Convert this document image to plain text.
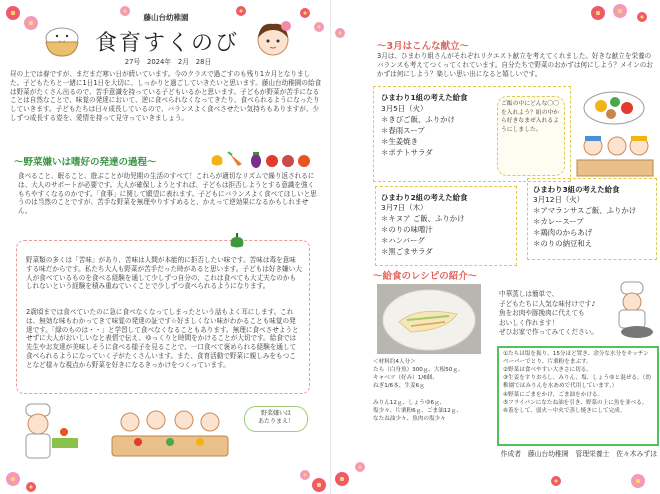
藤山台幼稚園
食育すくのび
27号　2024年　2月　28日
昼の上では春ですが、まだまだ寒い日が続いています。今のクラスで過ごすのも残り1カ月となりました。子どもたちと一緒に1日1日を大切に、しっかりと過ごしていきたいと思います。藤山台幼稚園の給食は野菜がたくさん出るので、苦手意識を持っている子どもいるかと思います。子どもが野菜が苦手になることは自然なことで、味覚の発達において、逆に食べられなくなってきたり、食べられるようになったりしていきます。子どもたちは日々成長しているので、バランスよく食べさせたい気持ちもありますが、少しずつ成長する姿を、愛情を持って見守っていきましょう。
～野菜嫌いは嗜好の発達の過程～
食べること、眠ること、遊ぶことが幼児期の生活のすべて！これらが適切なリズムで繰り返されるには、大人のサポートが必要です。大人が確保しようとすれば、子どもは拒否しようとする意識を強くもちやすくなるのかです。「食事」に関して願望に表れます。子どもにバランスよく食べてほしいと思うのは当然のことですが、苦手な野菜を無理やりすすめると、かえって逆効果になるかもしれません。
野菜類の多くは「苦味」があり、苦味は人間が本能的に拒否したい味です。苦味は毒を意味する味だからです。私たち大人も野菜が苦手だった時があると思います。子どもは好き嫌い大人が食べているものを食べる経験を通して少しずつ自分の、これは食べても大丈夫なのかもしれないという経験を積み重ねていくことで少しずつ食べられるようになります。
2歳頃までは食べていたのに急に食べなくなってしまったという話もよく耳にします。これは、無効な味もわかってきて味覚の発達の証です☆好ましくない味がわかることも味覚の発達です。「緑のものは・・」と学習して食べなくなることもあります。無理に食べさせようとせずに大人がおいしいなと表情で伝え、ゆっくりと時間をかけることが大切です。給食では先生やお友達が美味しそうに食べる様子を見ることで、一口食べて褒められる経験を通して食べられるようになっていく子がたくさんいます。また、食育活動で野菜に親しみをもつことなど様々な視点から野菜を好きになるきっかけをつくっています。
野菜嫌いは
あたりまえ！
～3月はこんな献立～
3月は、ひまわり組さんがそれぞれリクエスト献立を考えてくれました。好きな献立を栄養のバランスも考えてつくってくれています。自分たちで野菜のおかずは何にしよう？メインのおかずは何にしよう？楽しい思い出になると嬉しいです。
ひまわり1組の考えた給食
3月5日（火）
＊きびご飯、ふりかけ
＊春雨スープ
＊生姜焼き
＊ポテトサラダ
ご飯の中にどんな〇〇を入れよう？組の中から好きなまぜ入れるようにしました。
ひまわり2組の考えた給食
3月7日（木）
＊キヌア ご飯、ふりかけ
＊のりの味噌汁
＊ハンバーグ
＊黒ごまサラダ
ひまわり3組の考えた給食
3月12日（火）
＊アマランサスご飯、ふりかけ
＊カレースープ
＊鶏肉のからあげ
＊のりの納豆和え
～給食のレシピの紹介～
中華蒸しは簡単で、
子どもたちに人気な味付けです♪
魚をお肉や豚挽肉に代えても
おいしく作れます！
ぜひお家で作ってみてください。
＜材料約4人分＞
たら（白身魚）300ｇ、大根50ｇ、
キャベツ（好み）1/6個、
ねぎ1/6本、生姜6ｇ

みりん12ｇ、しょうゆ6ｇ、
塩少々、片栗粉6ｇ、ごま油12ｇ、
なたね油少々、魚肉の塩少々
①たらは塩を振り、15分ほど置き、余分な水分をキッチンペーパーでとり、片栗粉をまぶす。
②野菜は食べやすい大きさに切る。
③生姜をすりおろし、みりん、塩、しょうゆと混ぜる。（幼稚園ではみりんを水あめで代用しています。）
④野菜にごまをかけ、ごま油をかける。
⑤フライパンになたね油を引き、野菜の上に魚を並べる。
⑥蓋をして、弱火～中火で蒸し焼きにして完成。
作成者　藤山台幼稚園　管理栄養士　佐々木みずほ
